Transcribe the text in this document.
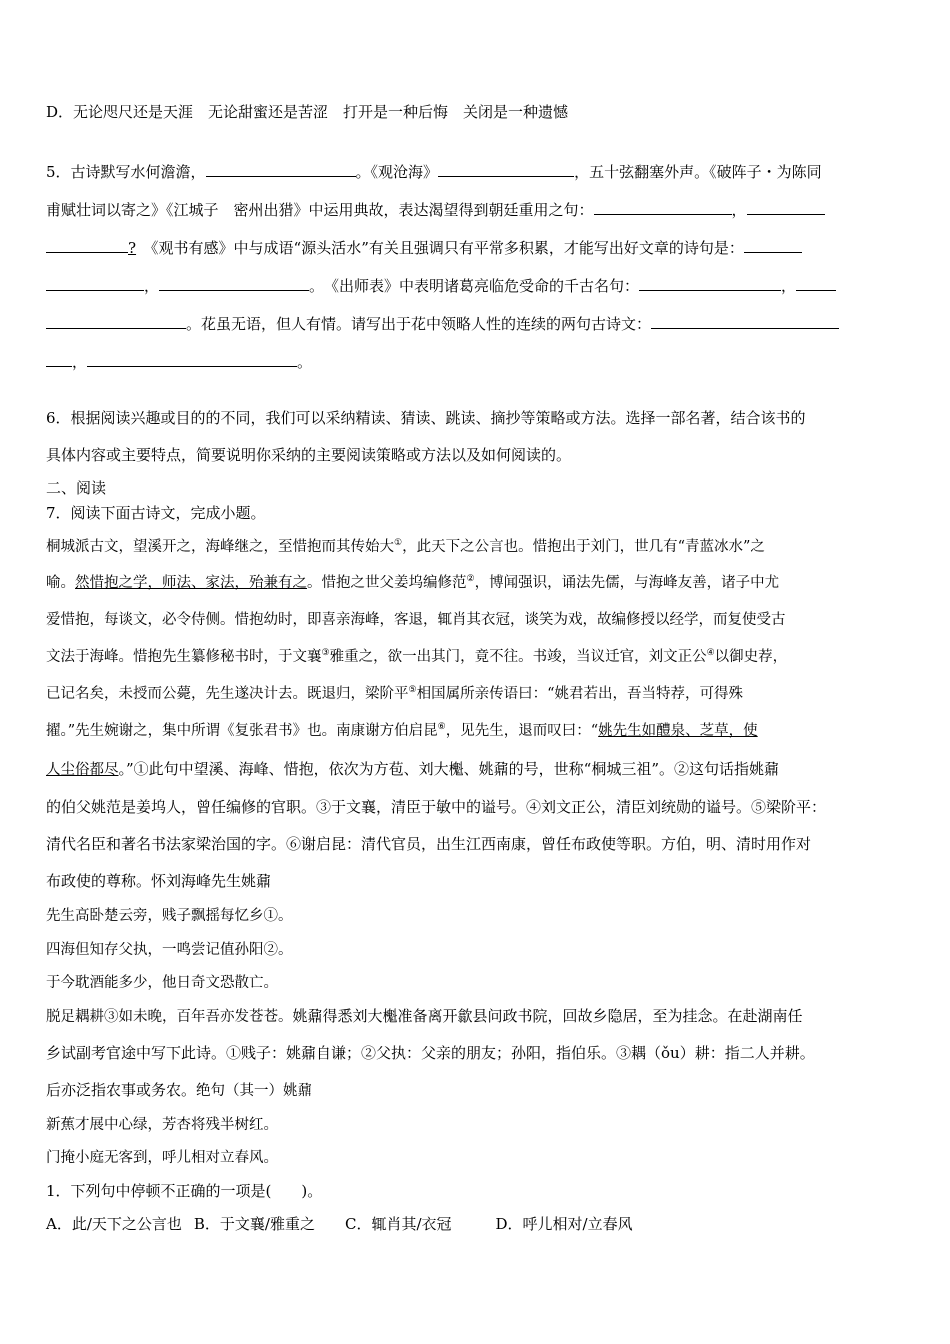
D．无论咫尺还是天涯　无论甜蜜还是苦涩　打开是一种后悔　关闭是一种遗憾
5．古诗默写水何澹澹，	。《观沧海》	，五十弦翻塞外声。《破阵子・为陈同
甫赋壮词以寄之》《江城子　密州出猎》中运用典故，表达渴望得到朝廷重用之句：	，
?　《观书有感》中与成语“源头活水”有关且强调只有平常多积累，才能写出好文章的诗句是：
，	。　《出师表》中表明诸葛亮临危受命的千古名句：	，
。花虽无语，但人有情。请写出于花中领略人性的连续的两句古诗文：
，	。
6．根据阅读兴趣或目的的不同，我们可以采纳精读、猜读、跳读、摘抄等策略或方法。选择一部名著，结合该书的
具体内容或主要特点，简要说明你采纳的主要阅读策略或方法以及如何阅读的。
二、阅读
7．阅读下面古诗文，完成小题。
桐城派古文，望溪开之，海峰继之，至惜抱而其传始大①，此天下之公言也。惜抱出于刘门，世几有“青蓝冰水”之
喻。然惜抱之学，师法、家法，殆兼有之。惜抱之世父姜坞编修范②，博闻强识，诵法先儒，与海峰友善，诸子中尤
爱惜抱，每谈文，必令侍侧。惜抱幼时，即喜亲海峰，客退，辄肖其衣冠，谈笑为戏，故编修授以经学，而复使受古
文法于海峰。惜抱先生纂修秘书时，于文襄③雅重之，欲一出其门，竟不往。书竣，当议迁官，刘文正公④以御史荐，
已记名矣，未授而公薨，先生遂决计去。既退归，梁阶平⑤相国属所亲传语曰：“姚君若出，吾当特荐，可得殊
擢。”先生婉谢之，集中所谓《复张君书》也。南康谢方伯启昆⑥，见先生，退而叹曰：“姚先生如醴泉、芝草，使
人尘俗都尽。”①此句中望溪、海峰、惜抱，依次为方苞、刘大櫆、姚鼐的号，世称“桐城三祖”。②这句话指姚鼐
的伯父姚范是姜坞人，曾任编修的官职。③于文襄，清臣于敏中的谥号。④刘文正公，清臣刘统勋的谥号。⑤梁阶平：
清代名臣和著名书法家梁治国的字。⑥谢启昆：清代官员，出生江西南康，曾任布政使等职。方伯，明、清时用作对
布政使的尊称。怀刘海峰先生姚鼐
先生高卧楚云旁，贱子飘摇每忆乡①。
四海但知存父执，一鸣尝记值孙阳②。
于今耽酒能多少，他日奇文恐散亡。
脱足耦耕③如未晚，百年吾亦发苍苍。姚鼐得悉刘大櫆准备离开歙县问政书院，回故乡隐居，至为挂念。在赴湖南任
乡试副考官途中写下此诗。①贱子：姚鼐自谦；②父执：父亲的朋友；孙阳，指伯乐。③耦（ǒu）耕：指二人并耕。
后亦泛指农事或务农。绝句（其一）姚鼐
新蕉才展中心绿，芳杏将残半树红。
门掩小庭无客到，呼儿相对立春风。
1．下列句中停顿不正确的一项是(　　)。
A．此/天下之公言也 B．于文襄/雅重之 C．辄肖其/衣冠	D．呼儿相对/立春风
